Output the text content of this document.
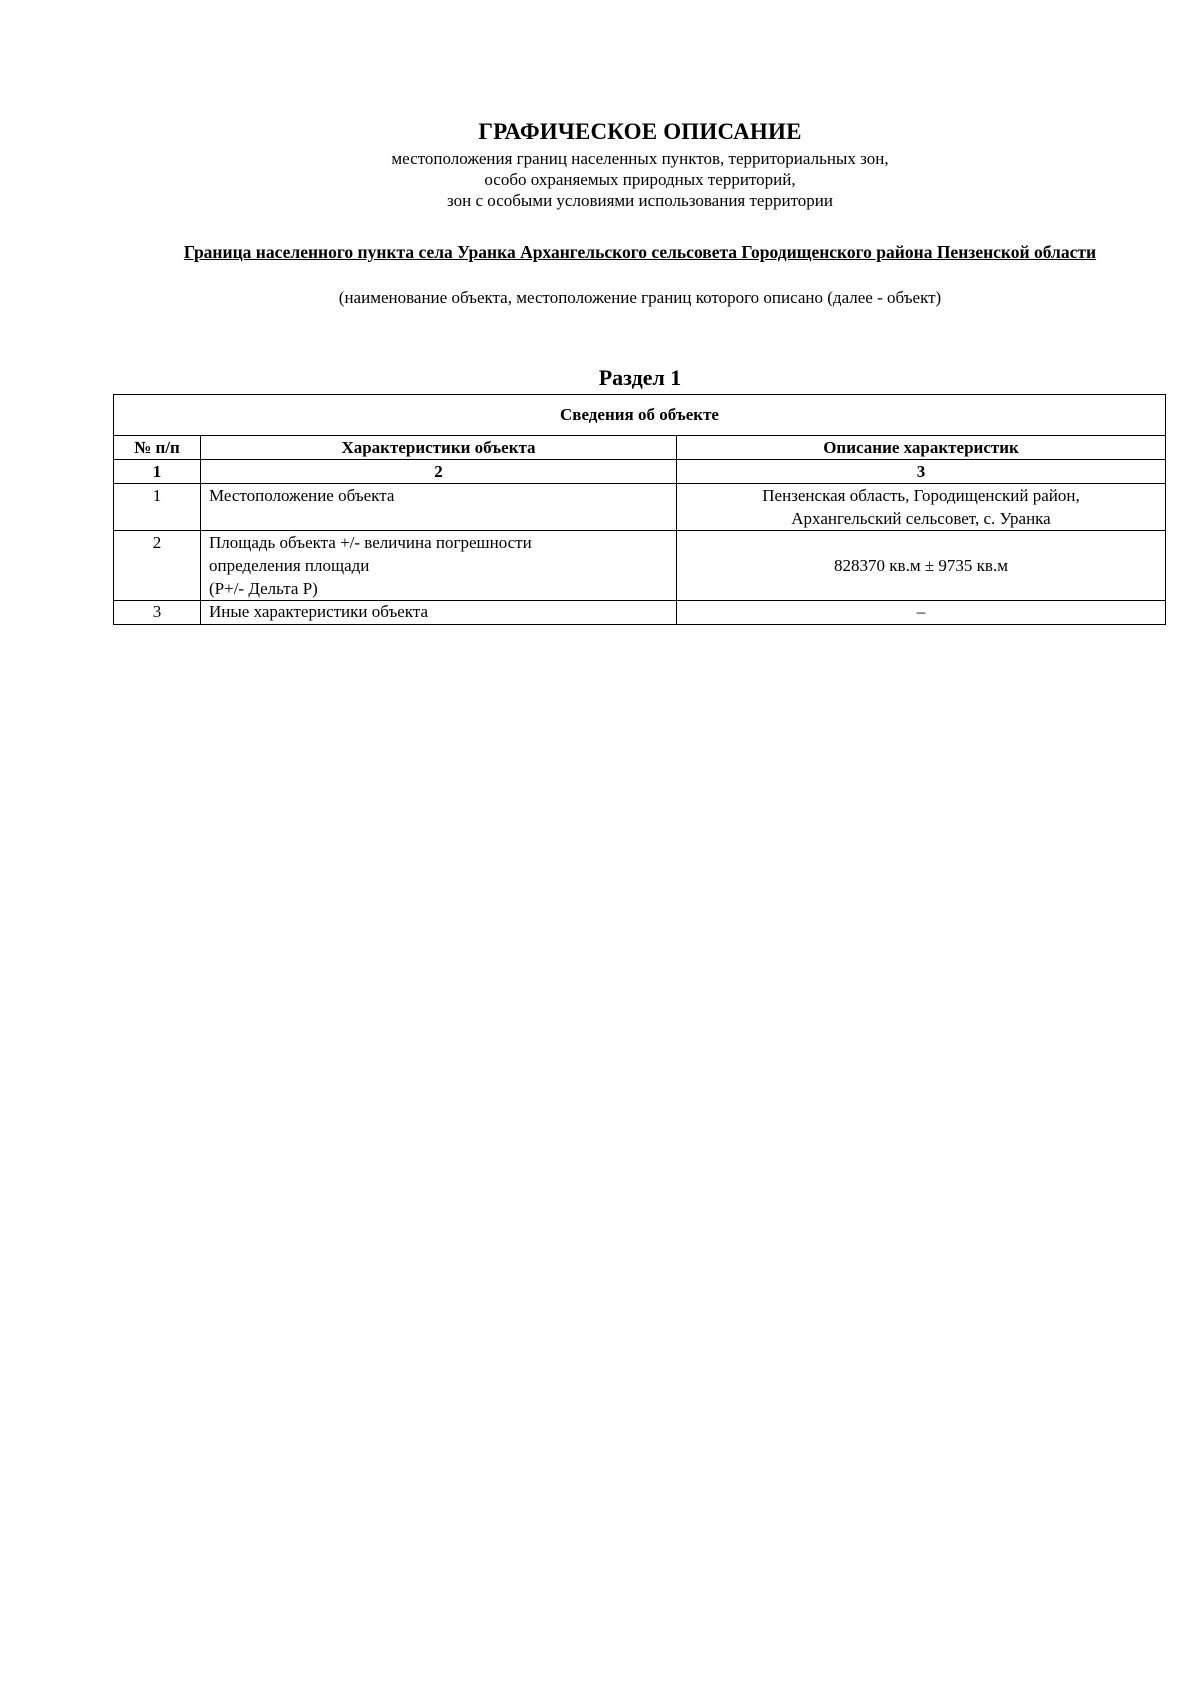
ГРАФИЧЕСКОЕ ОПИСАНИЕ
местоположения границ населенных пунктов, территориальных зон,
особо охраняемых природных территорий,
зон с особыми условиями использования территории
Граница населенного пункта села Уранка Архангельского сельсовета Городищенского района Пензенской области
(наименование объекта, местоположение границ которого описано (далее - объект)
Раздел 1
Сведения об объекте		
№ п/п	Характеристики объекта	Описание характеристик
1	2	3
1	Местоположение объекта	Пензенская область, Городищенский район,
Архангельский сельсовет, с. Уранка

2	Площадь объекта +/- величина погрешности
определения площади
(Р+/- Дельта Р)	828370 кв.м ± 9735 кв.м

3	Иные характеристики объекта	–
